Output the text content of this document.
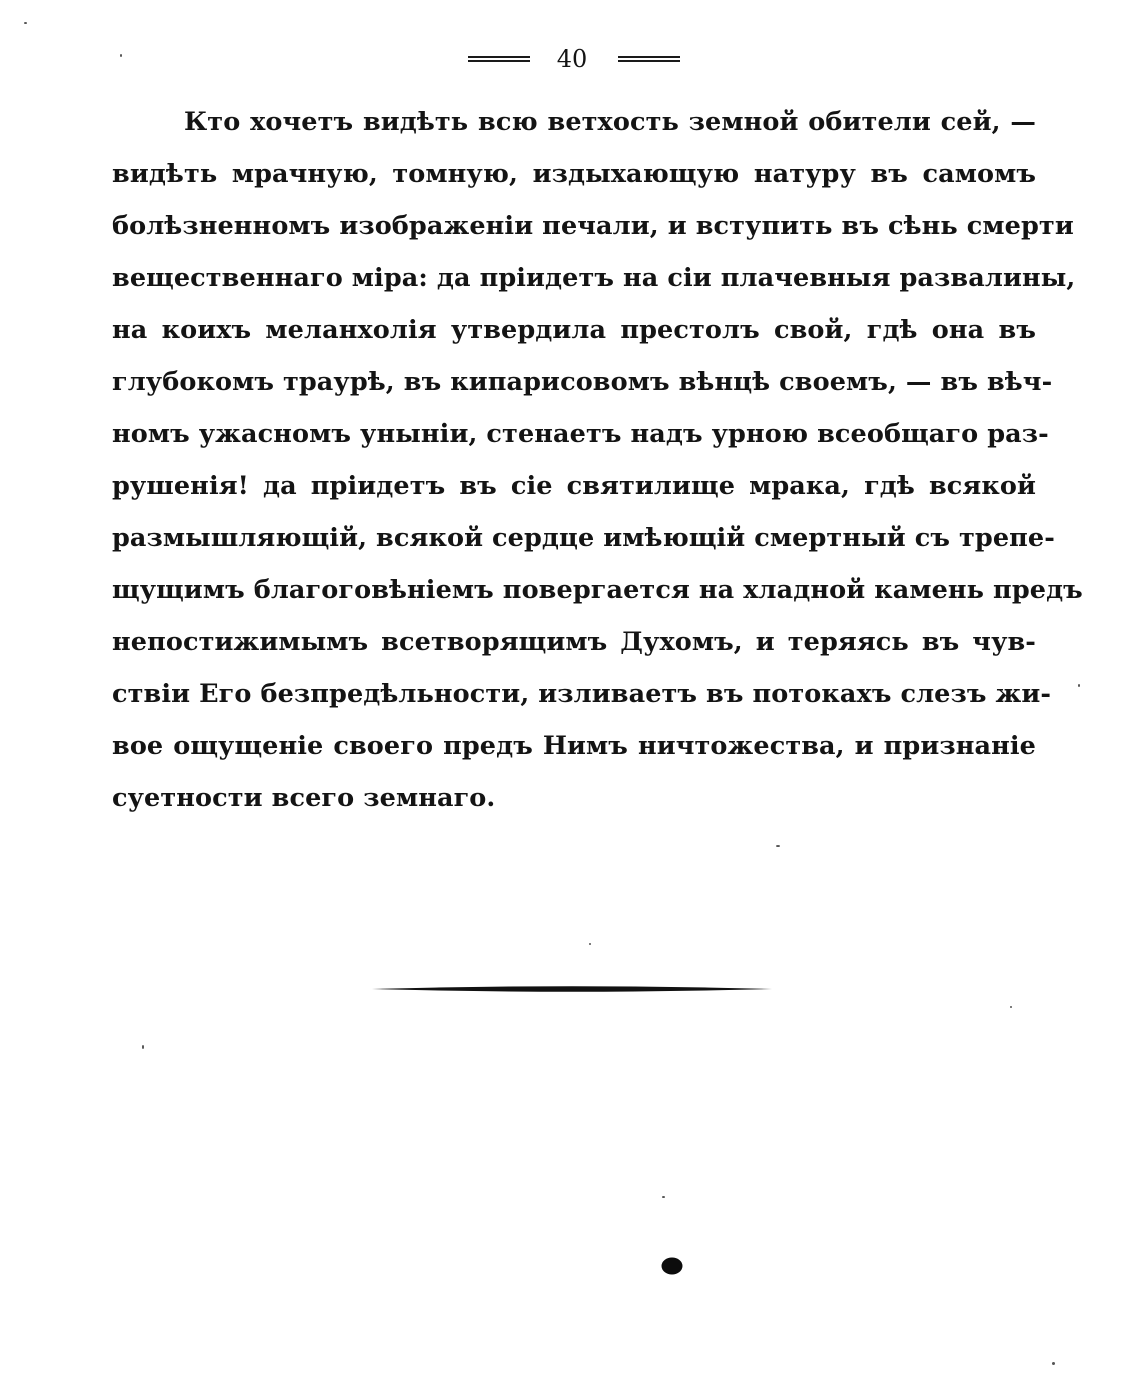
40
Кто хочетъ видѣть всю ветхость земной обители сей, —
видѣть мрачную, томную, издыхающую натуру въ самомъ
болѣзненномъ изображенiи печали, и вступить въ сѣнь смерти
вещественнаго мiра: да прiидетъ на сiи плачевныя развалины,
на коихъ меланхолiя утвердила престолъ свой, гдѣ она въ
глубокомъ траурѣ, въ кипарисовомъ вѣнцѣ своемъ, — въ вѣч-
номъ ужасномъ уныніи, стенаетъ надъ урною всеобщаго раз-
рушенiя! да прiидетъ въ сiе святилище мрака, гдѣ всякой
размышляющiй, всякой сердце имѣющiй смертный съ трепе-
щущимъ благоговѣнiемъ повергается на хладной камень предъ
непостижимымъ всетворящимъ Духомъ, и теряясь въ чув-
ствiи Его безпредѣльности, изливаетъ въ потокахъ слезъ жи-
вое ощущенiе своего предъ Нимъ ничтожества, и признанiе
суетности всего земнаго.
